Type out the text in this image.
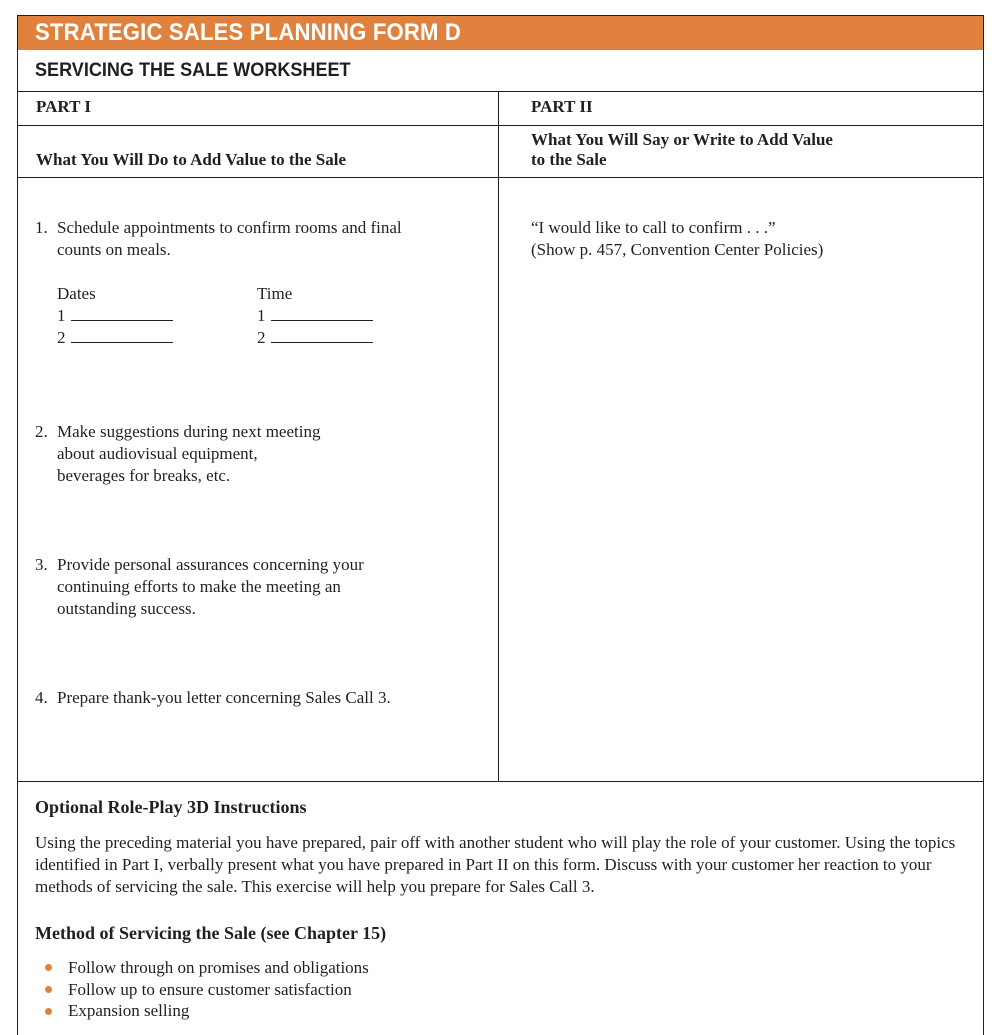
STRATEGIC SALES PLANNING FORM D
SERVICING THE SALE WORKSHEET
PART I	PART II
What You Will Do to Add Value to the Sale
What You Will Say or Write to Add Value
to the Sale
1. Schedule appointments to confirm rooms and final
counts on meals.
Dates	Time
1	1
2	2
2. Make suggestions during next meeting
about audiovisual equipment,
beverages for breaks, etc.
3. Provide personal assurances concerning your
continuing efforts to make the meeting an
outstanding success.
4. Prepare thank-you letter concerning Sales Call 3.
“I would like to call to confirm . . .”
(Show p. 457, Convention Center Policies)
Optional Role-Play 3D Instructions
Using the preceding material you have prepared, pair off with another student who will play the role of your customer. Using the topics identified in Part I, verbally present what you have prepared in Part II on this form. Discuss with your customer her reaction to your methods of servicing the sale. This exercise will help you prepare for Sales Call 3.
Method of Servicing the Sale (see Chapter 15)
Follow through on promises and obligations
Follow up to ensure customer satisfaction
Expansion selling
